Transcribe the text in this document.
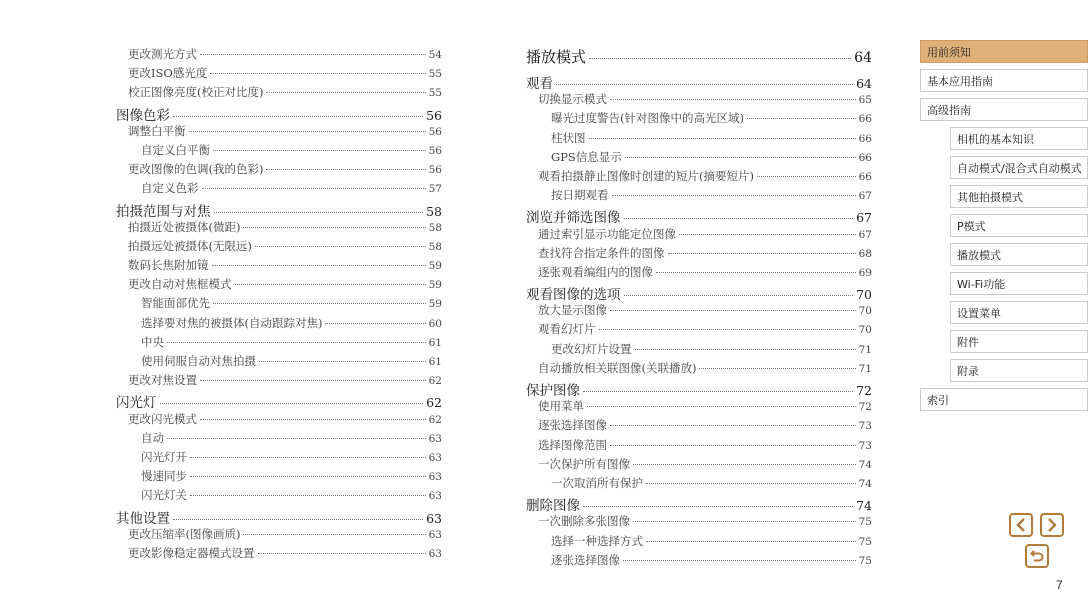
更改测光方式	54
更改ISO感光度	55
校正图像亮度(校正对比度)	55
图像色彩	56
调整白平衡	56
自定义白平衡	56
更改图像的色调(我的色彩)	56
自定义色彩	57
拍摄范围与对焦	58
拍摄近处被摄体(微距)	58
拍摄远处被摄体(无限远)	58
数码长焦附加镜	59
更改自动对焦框模式	59
智能面部优先	59
选择要对焦的被摄体(自动跟踪对焦)	60
中央	61
使用伺服自动对焦拍摄	61
更改对焦设置	62
闪光灯	62
更改闪光模式	62
自动	63
闪光灯开	63
慢速同步	63
闪光灯关	63
其他设置	63
更改压缩率(图像画质)	63
更改影像稳定器模式设置	63
播放模式	64
观看	64
切换显示模式	65
曝光过度警告(针对图像中的高光区域)	66
柱状图	66
GPS信息显示	66
观看拍摄静止图像时创建的短片(摘要短片)	66
按日期观看	67
浏览并筛选图像	67
通过索引显示功能定位图像	67
查找符合指定条件的图像	68
逐张观看编组内的图像	69
观看图像的选项	70
放大显示图像	70
观看幻灯片	70
更改幻灯片设置	71
自动播放相关联图像(关联播放)	71
保护图像	72
使用菜单	72
逐张选择图像	73
选择图像范围	73
一次保护所有图像	74
一次取消所有保护	74
删除图像	74
一次删除多张图像	75
选择一种选择方式	75
逐张选择图像	75
用前须知
基本应用指南
高级指南
相机的基本知识
自动模式/混合式自动模式
其他拍摄模式
P模式
播放模式
Wi-Fi功能
设置菜单
附件
附录
索引
7
